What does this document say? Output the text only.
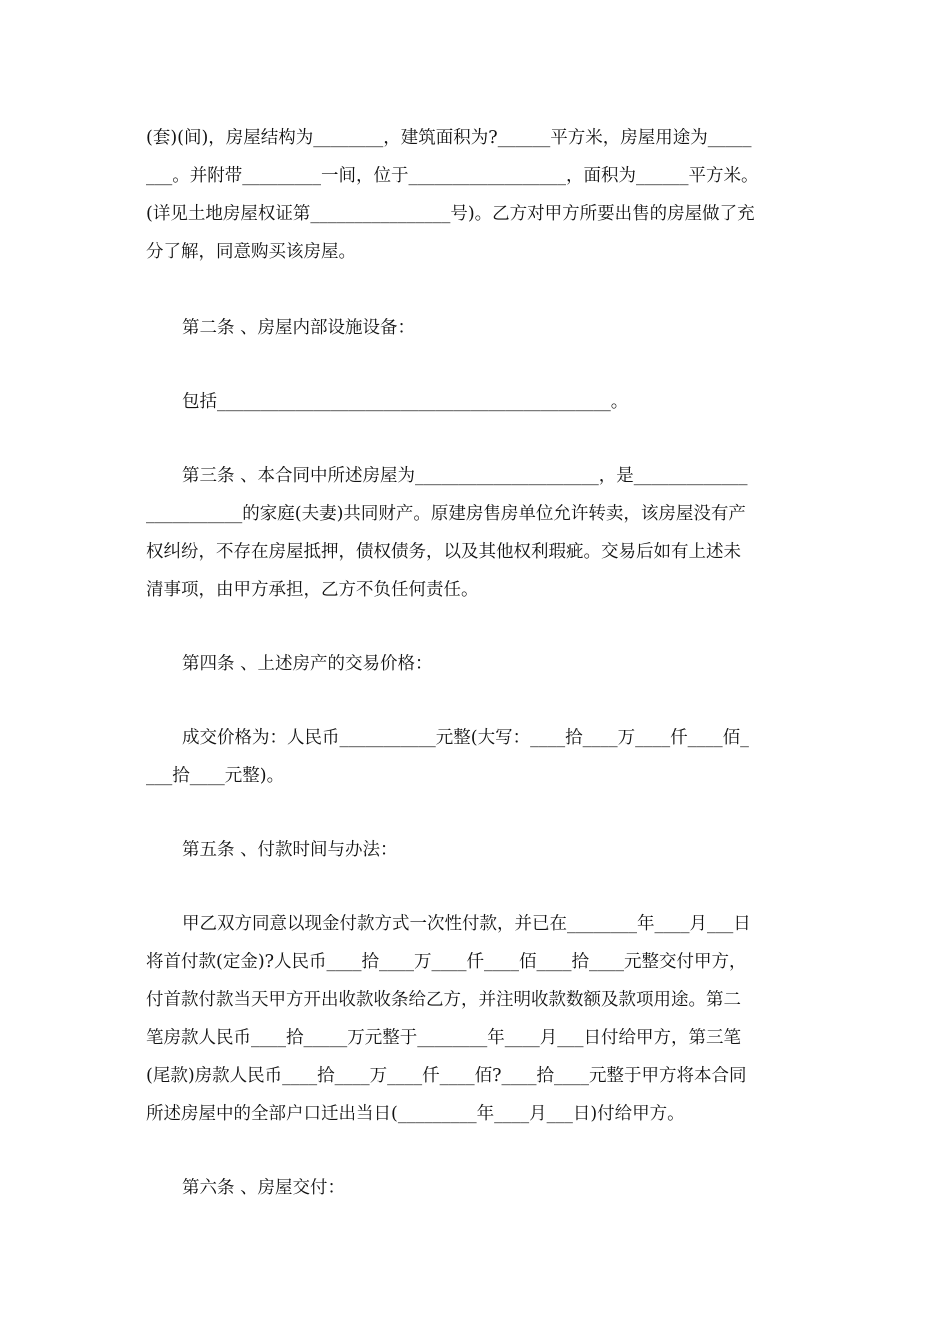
(套)(间)，房屋结构为________，建筑面积为?______平方米，房屋用途为_____
___。并附带_________一间，位于__________________，面积为______平方米。
(详见土地房屋权证第________________号)。乙方对甲方所要出售的房屋做了充
分了解，同意购买该房屋。
第二条 、房屋内部设施设备：
包括_____________________________________________。
第三条 、本合同中所述房屋为_____________________，是_____________
___________的家庭(夫妻)共同财产。原建房售房单位允许转卖，该房屋没有产
权纠纷，不存在房屋抵押，债权债务，以及其他权利瑕疵。交易后如有上述未
清事项，由甲方承担，乙方不负任何责任。
第四条 、上述房产的交易价格：
成交价格为：人民币___________元整(大写：____拾____万____仟____佰_
___拾____元整)。
第五条 、付款时间与办法：
甲乙双方同意以现金付款方式一次性付款，并已在________年____月___日
将首付款(定金)?人民币____拾____万____仟____佰____拾____元整交付甲方，
付首款付款当天甲方开出收款收条给乙方，并注明收款数额及款项用途。第二
笔房款人民币____拾_____万元整于________年____月___日付给甲方，第三笔
(尾款)房款人民币____拾____万____仟____佰?____拾____元整于甲方将本合同
所述房屋中的全部户口迁出当日(_________年____月___日)付给甲方。
第六条 、房屋交付：
